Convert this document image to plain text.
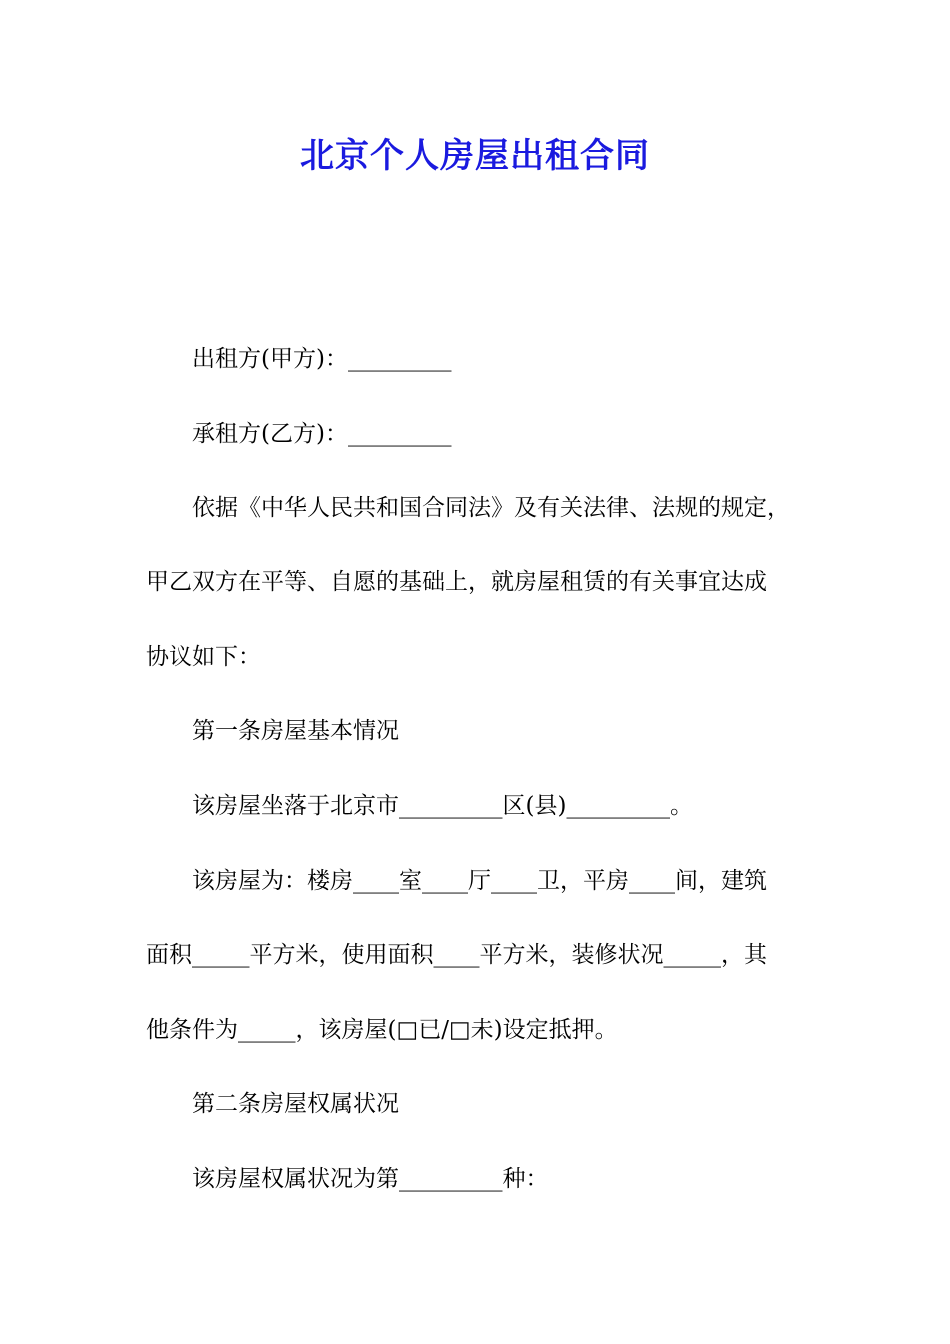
北京个人房屋出租合同
出租方(甲方)：_________
承租方(乙方)：_________
依据《中华人民共和国合同法》及有关法律、法规的规定，
甲乙双方在平等、自愿的基础上，就房屋租赁的有关事宜达成
协议如下：
第一条房屋基本情况
该房屋坐落于北京市_________区(县)_________。
该房屋为：楼房____室____厅____卫，平房____间，建筑
面积_____平方米，使用面积____平方米，装修状况_____，其
他条件为_____，该房屋(□已/□未)设定抵押。
第二条房屋权属状况
该房屋权属状况为第_________种：
